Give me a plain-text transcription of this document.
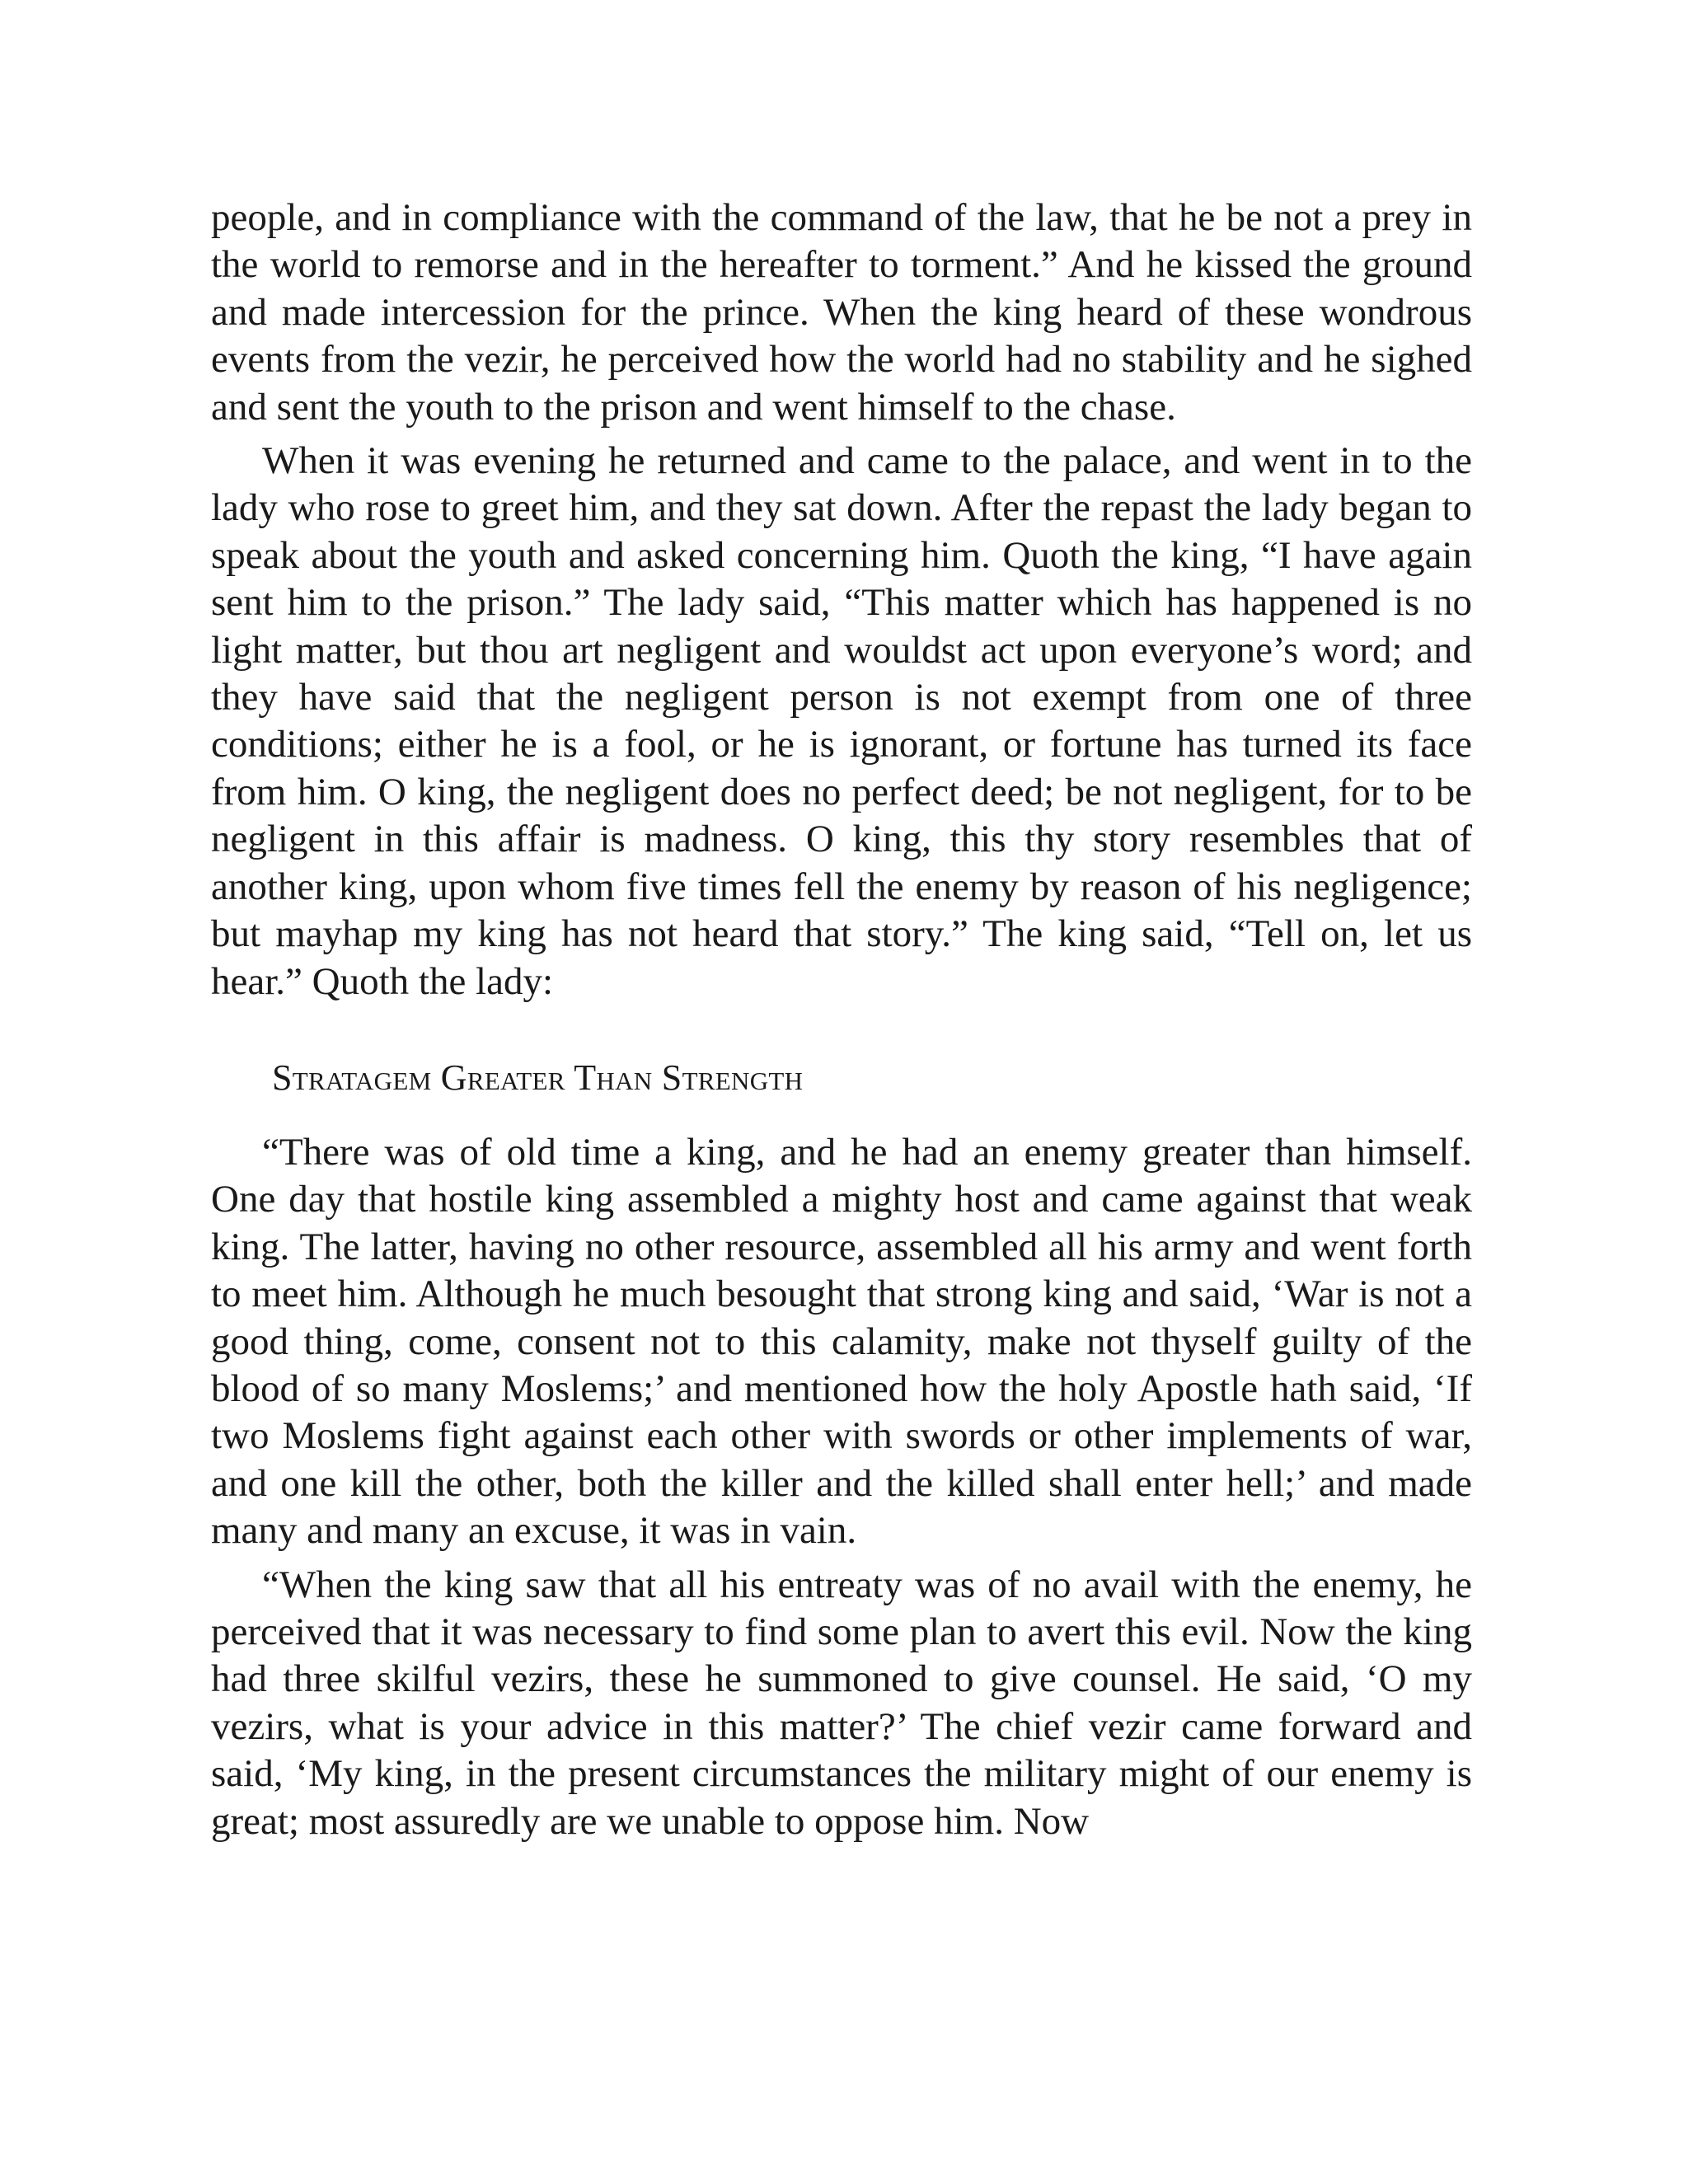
people, and in compliance with the command of the law, that he be not a prey in the world to remorse and in the hereafter to torment.” And he kissed the ground and made intercession for the prince. When the king heard of these wondrous events from the vezir, he perceived how the world had no stability and he sighed and sent the youth to the prison and went himself to the chase.

When it was evening he returned and came to the palace, and went in to the lady who rose to greet him, and they sat down. After the repast the lady began to speak about the youth and asked concerning him. Quoth the king, “I have again sent him to the prison.” The lady said, “This matter which has happened is no light matter, but thou art negligent and wouldst act upon everyone’s word; and they have said that the negligent person is not exempt from one of three conditions; either he is a fool, or he is ignorant, or fortune has turned its face from him. O king, the negligent does no perfect deed; be not negligent, for to be negligent in this affair is madness. O king, this thy story resembles that of another king, upon whom five times fell the enemy by reason of his negligence; but mayhap my king has not heard that story.” The king said, “Tell on, let us hear.” Quoth the lady:

Stratagem Greater Than Strength

“There was of old time a king, and he had an enemy greater than himself. One day that hostile king assembled a mighty host and came against that weak king. The latter, having no other resource, assembled all his army and went forth to meet him. Although he much besought that strong king and said, ‘War is not a good thing, come, consent not to this calamity, make not thyself guilty of the blood of so many Moslems;’ and mentioned how the holy Apostle hath said, ‘If two Moslems fight against each other with swords or other implements of war, and one kill the other, both the killer and the killed shall enter hell;’ and made many and many an excuse, it was in vain.

“When the king saw that all his entreaty was of no avail with the enemy, he perceived that it was necessary to find some plan to avert this evil. Now the king had three skilful vezirs, these he summoned to give counsel. He said, ‘O my vezirs, what is your advice in this matter?’ The chief vezir came forward and said, ‘My king, in the present circumstances the military might of our enemy is great; most assuredly are we unable to oppose him. Now
